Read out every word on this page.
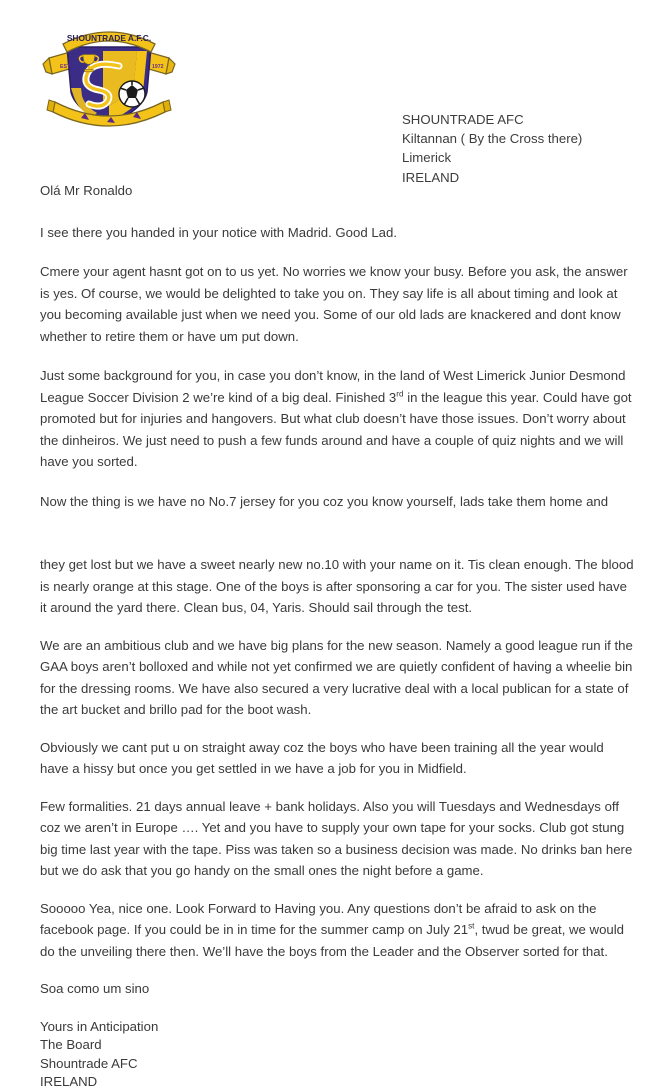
SHOUNTRADE A.F.C.
EST	1972
SHOUNTRADE AFC
Kiltannan ( By the Cross there)
Limerick
IRELAND

Olá Mr Ronaldo

I see there you handed in your notice with Madrid. Good Lad.

Cmere your agent hasnt got on to us yet. No worries we know your busy. Before you ask, the answer is yes. Of course, we would be delighted to take you on. They say life is all about timing and look at you becoming available just when we need you. Some of our old lads are knackered and dont know whether to retire them or have um put down.

Just some background for you, in case you don’t know, in the land of West Limerick Junior Desmond League Soccer Division 2 we’re kind of a big deal. Finished 3rd in the league this year. Could have got promoted but for injuries and hangovers. But what club doesn’t have those issues. Don’t worry about the dinheiros. We just need to push a few funds around and have a couple of quiz nights and we will have you sorted.

Now the thing is we have no No.7 jersey for you coz you know yourself, lads take them home and

they get lost but we have a sweet nearly new no.10 with your name on it. Tis clean enough. The blood is nearly orange at this stage. One of the boys is after sponsoring a car for you. The sister used have it around the yard there. Clean bus, 04, Yaris. Should sail through the test.

We are an ambitious club and we have big plans for the new season. Namely a good league run if the GAA boys aren’t bolloxed and while not yet confirmed we are quietly confident of having a wheelie bin for the dressing rooms. We have also secured a very lucrative deal with a local publican for a state of the art bucket and brillo pad for the boot wash.

Obviously we cant put u on straight away coz the boys who have been training all the year would have a hissy but once you get settled in we have a job for you in Midfield.

Few formalities. 21 days annual leave + bank holidays. Also you will Tuesdays and Wednesdays off coz we aren’t in Europe …. Yet and you have to supply your own tape for your socks. Club got stung big time last year with the tape. Piss was taken so a business decision was made. No drinks ban here but we do ask that you go handy on the small ones the night before a game.

Sooooo Yea, nice one. Look Forward to Having you. Any questions don’t be afraid to ask on the facebook page. If you could be in in time for the summer camp on July 21st, twud be great, we would do the unveiling there then. We’ll have the boys from the Leader and the Observer sorted for that.

Soa como um sino

Yours in Anticipation
The Board
Shountrade AFC
IRELAND
